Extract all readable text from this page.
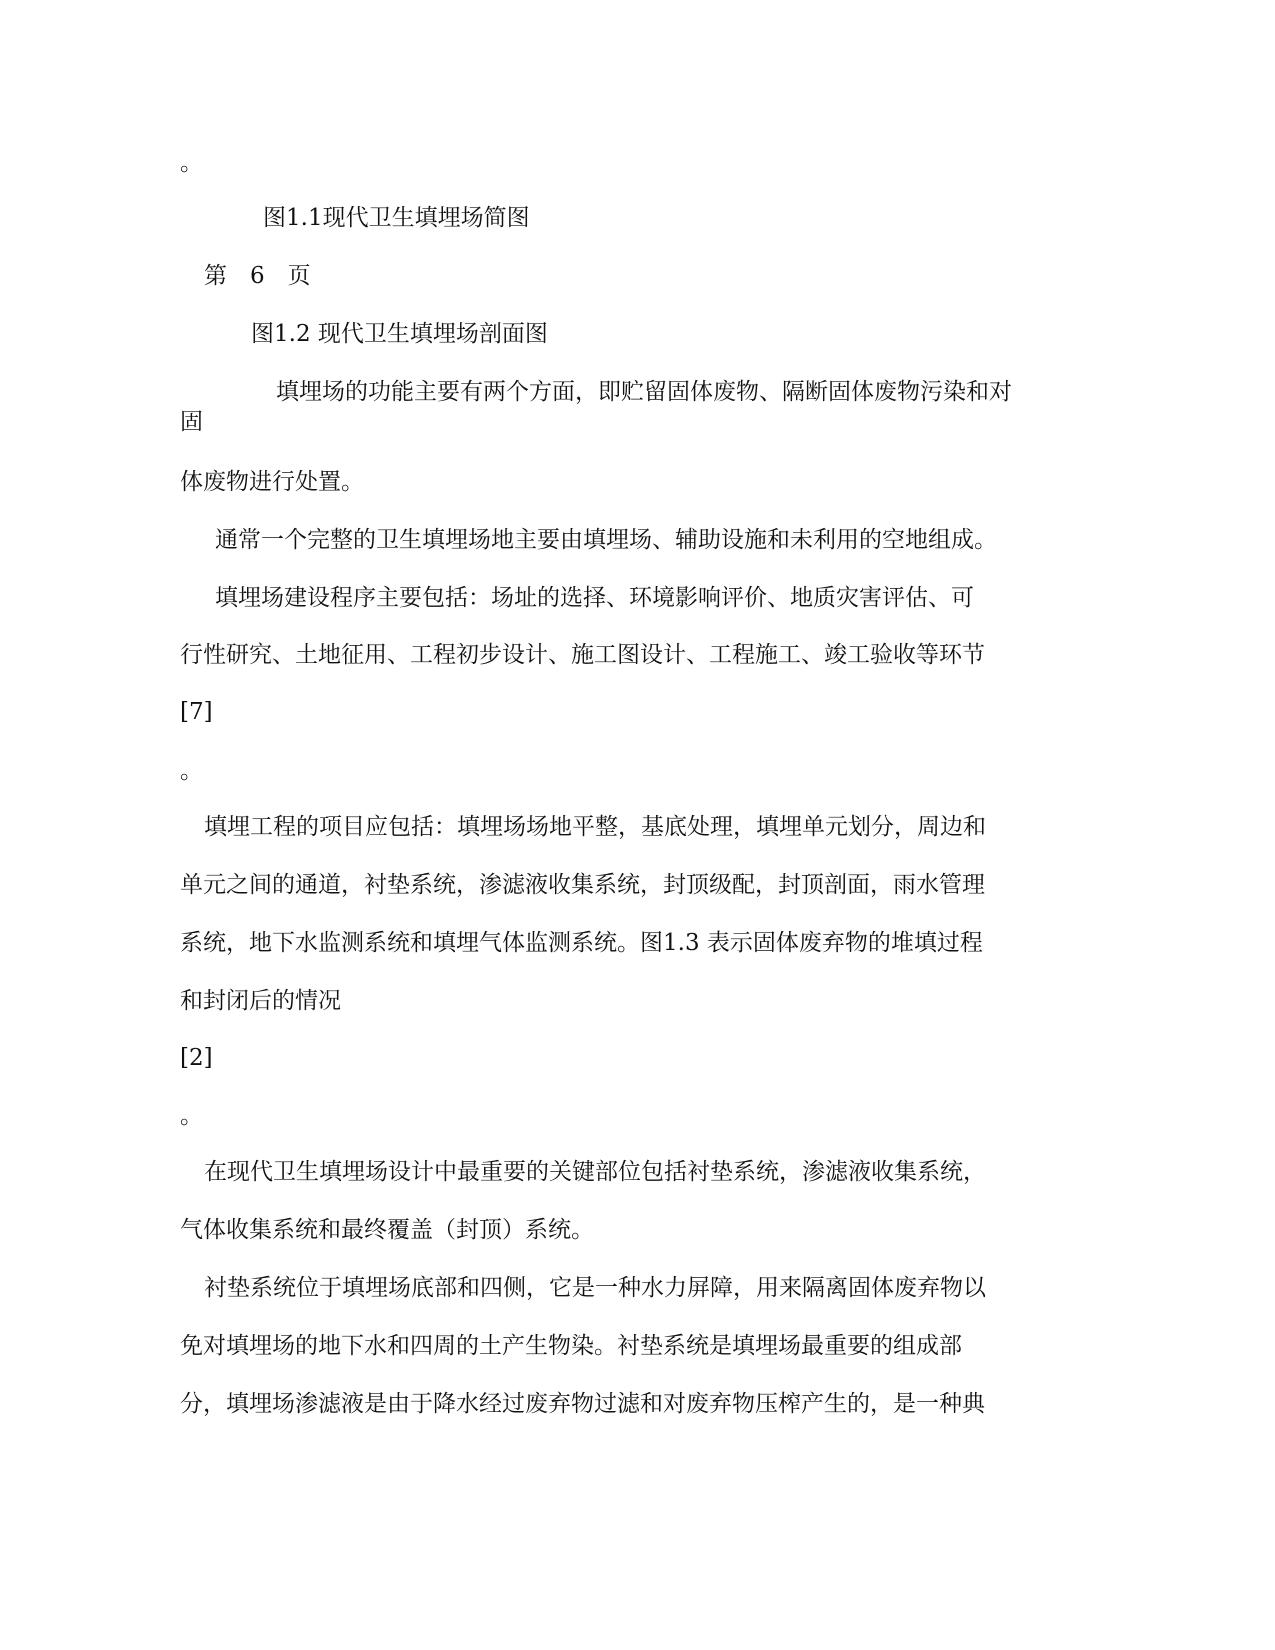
。
图1.1现代卫生填埋场简图
第　6　页
图1.2 现代卫生填埋场剖面图
填埋场的功能主要有两个方面，即贮留固体废物、隔断固体废物污染和对
固
体废物进行处置。
通常一个完整的卫生填埋场地主要由填埋场、辅助设施和未利用的空地组成。
填埋场建设程序主要包括：场址的选择、环境影响评价、地质灾害评估、可
行性研究、土地征用、工程初步设计、施工图设计、工程施工、竣工验收等环节
[7]
。
填埋工程的项目应包括：填埋场场地平整，基底处理，填埋单元划分，周边和
单元之间的通道，衬垫系统，渗滤液收集系统，封顶级配，封顶剖面，雨水管理
系统，地下水监测系统和填埋气体监测系统。图1.3 表示固体废弃物的堆填过程
和封闭后的情况
[2]
。
在现代卫生填埋场设计中最重要的关键部位包括衬垫系统，渗滤液收集系统，
气体收集系统和最终覆盖（封顶）系统。
衬垫系统位于填埋场底部和四侧，它是一种水力屏障，用来隔离固体废弃物以
免对填埋场的地下水和四周的土产生物染。衬垫系统是填埋场最重要的组成部
分，填埋场渗滤液是由于降水经过废弃物过滤和对废弃物压榨产生的，是一种典
